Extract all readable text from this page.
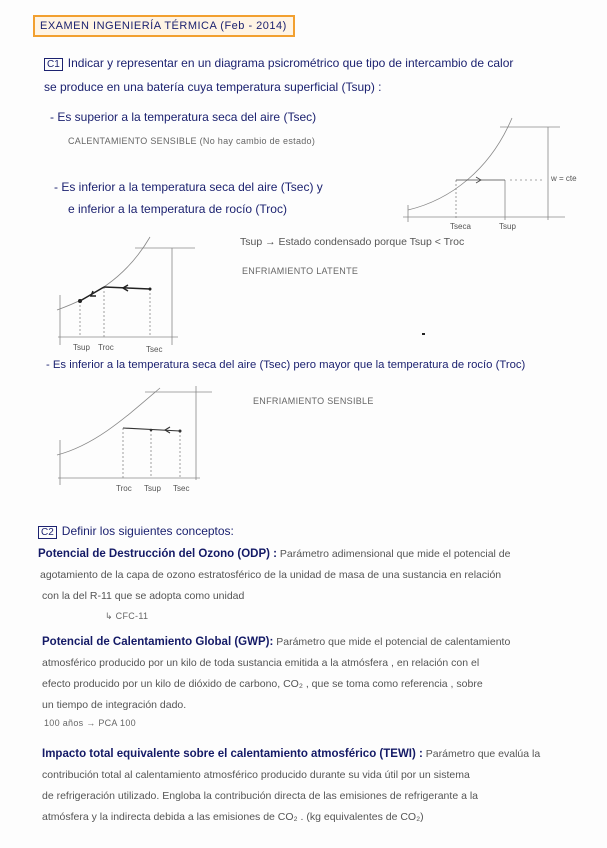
EXAMEN INGENIERÍA TÉRMICA (Feb - 2014)
C1 Indicar y representar en un diagrama psicrométrico que tipo de intercambio de calor
se produce en una batería cuya temperatura superficial (Tsup) :
- Es superior a la temperatura seca del aire (Tsec)
CALENTAMIENTO SENSIBLE (No hay cambio de estado)
w = cte
Tseca	Tsup
- Es inferior a la temperatura seca del aire (Tsec) y
e inferior a la temperatura de rocío (Troc)
Tsup → Estado condensado porque Tsup < Troc
ENFRIAMIENTO LATENTE
Tsup Troc	Tsec
- Es inferior a la temperatura seca del aire (Tsec) pero mayor que la temperatura de rocío (Troc)
ENFRIAMIENTO SENSIBLE
Troc Tsup Tsec
C2 Definir los siguientes conceptos:
Potencial de Destrucción del Ozono (ODP) : Parámetro adimensional que mide el potencial de
agotamiento de la capa de ozono estratosférico de la unidad de masa de una sustancia en relación
con la del R-11 que se adopta como unidad
↳ CFC-11
Potencial de Calentamiento Global (GWP): Parámetro que mide el potencial de calentamiento
atmosférico producido por un kilo de toda sustancia emitida a la atmósfera , en relación con el
efecto producido por un kilo de dióxido de carbono, CO₂ , que se toma como referencia , sobre
un tiempo de integración dado.
100 años → PCA 100
Impacto total equivalente sobre el calentamiento atmosférico (TEWI) : Parámetro que evalúa la
contribución total al calentamiento atmosférico producido durante su vida útil por un sistema
de refrigeración utilizado. Engloba la contribución directa de las emisiones de refrigerante a la
atmósfera y la indirecta debida a las emisiones de CO₂ . (kg equivalentes de CO₂)
